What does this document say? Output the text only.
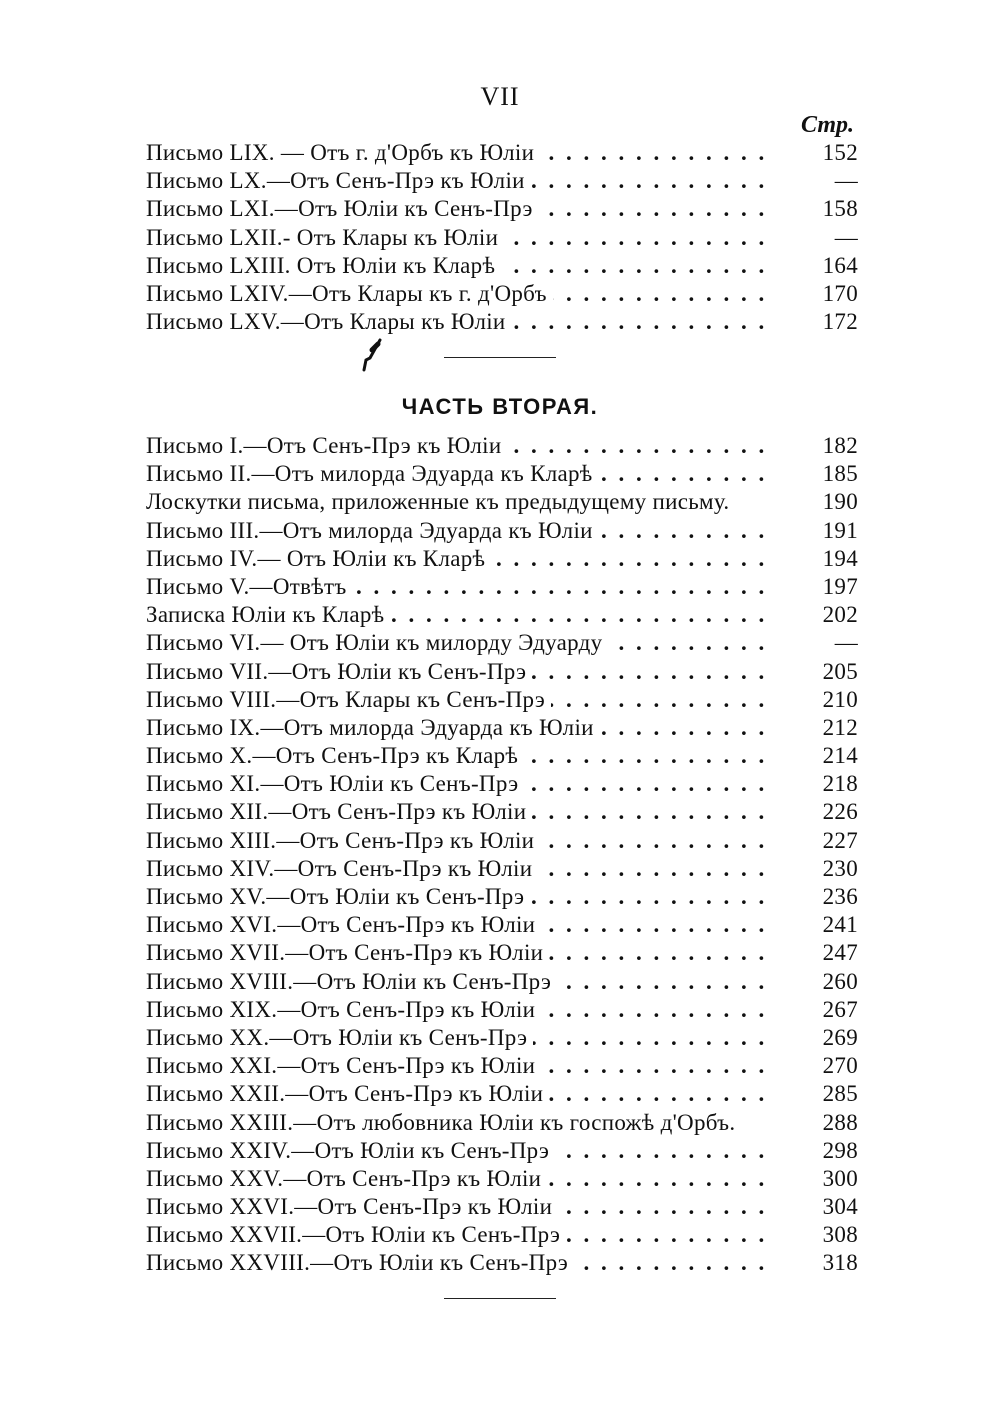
VII
Стр.
Письмо LIX. — Отъ г. д'Орбъ къ Юліи . . .	152
Письмо LX.—Отъ Сенъ-Прэ къ Юліи . . .	—
Письмо LXI.—Отъ Юліи къ Сенъ-Прэ . . .	158
Письмо LXII.- Отъ Клары къ Юліи . . .	—
Письмо LXIII. Отъ Юліи къ Кларѣ . . .	164
Письмо LXIV.—Отъ Клары къ г. д'Орбъ . . .	170
Письмо LXV.—Отъ Клары къ Юліи . . .	172
ЧАСТЬ ВТОРАЯ.
Письмо I.—Отъ Сенъ-Прэ къ Юліи . . .	182
Письмо II.—Отъ милорда Эдуарда къ Кларѣ . . .	185
Лоскутки письма, приложенные къ предыдущему письму.	190
Письмо III.—Отъ милорда Эдуарда къ Юліи . . .	191
Письмо IV.— Отъ Юліи къ Кларѣ . . .	194
Письмо V.—Отвѣтъ . . .	197
Записка Юліи къ Кларѣ . . .	202
Письмо VI.— Отъ Юліи къ милорду Эдуарду . . .	—
Письмо VII.—Отъ Юліи къ Сенъ-Прэ . . .	205
Письмо VIII.—Отъ Клары къ Сенъ-Прэ . . .	210
Письмо IX.—Отъ милорда Эдуарда къ Юліи . . .	212
Письмо X.—Отъ Сенъ-Прэ къ Кларѣ . . .	214
Письмо XI.—Отъ Юліи къ Сенъ-Прэ . . .	218
Письмо XII.—Отъ Сенъ-Прэ къ Юліи . . .	226
Письмо XIII.—Отъ Сенъ-Прэ къ Юліи . . .	227
Письмо XIV.—Отъ Сенъ-Прэ къ Юліи . . .	230
Письмо XV.—Отъ Юліи къ Сенъ-Прэ . . .	236
Письмо XVI.—Отъ Сенъ-Прэ къ Юліи . . .	241
Письмо XVII.—Отъ Сенъ-Прэ къ Юліи . . .	247
Письмо XVIII.—Отъ Юліи къ Сенъ-Прэ . . .	260
Письмо XIX.—Отъ Сенъ-Прэ къ Юліи . . .	267
Письмо XX.—Отъ Юліи къ Сенъ-Прэ . . .	269
Письмо XXI.—Отъ Сенъ-Прэ къ Юліи . . .	270
Письмо XXII.—Отъ Сенъ-Прэ къ Юліи . . .	285
Письмо XXIII.—Отъ любовника Юліи къ госпожѣ д'Орбъ.	288
Письмо XXIV.—Отъ Юліи къ Сенъ-Прэ . . .	298
Письмо XXV.—Отъ Сенъ-Прэ къ Юліи . . .	300
Письмо XXVI.—Отъ Сенъ-Прэ къ Юліи . . .	304
Письмо XXVII.—Отъ Юліи къ Сенъ-Прэ . . .	308
Письмо XXVIII.—Отъ Юліи къ Сенъ-Прэ . . .	318
